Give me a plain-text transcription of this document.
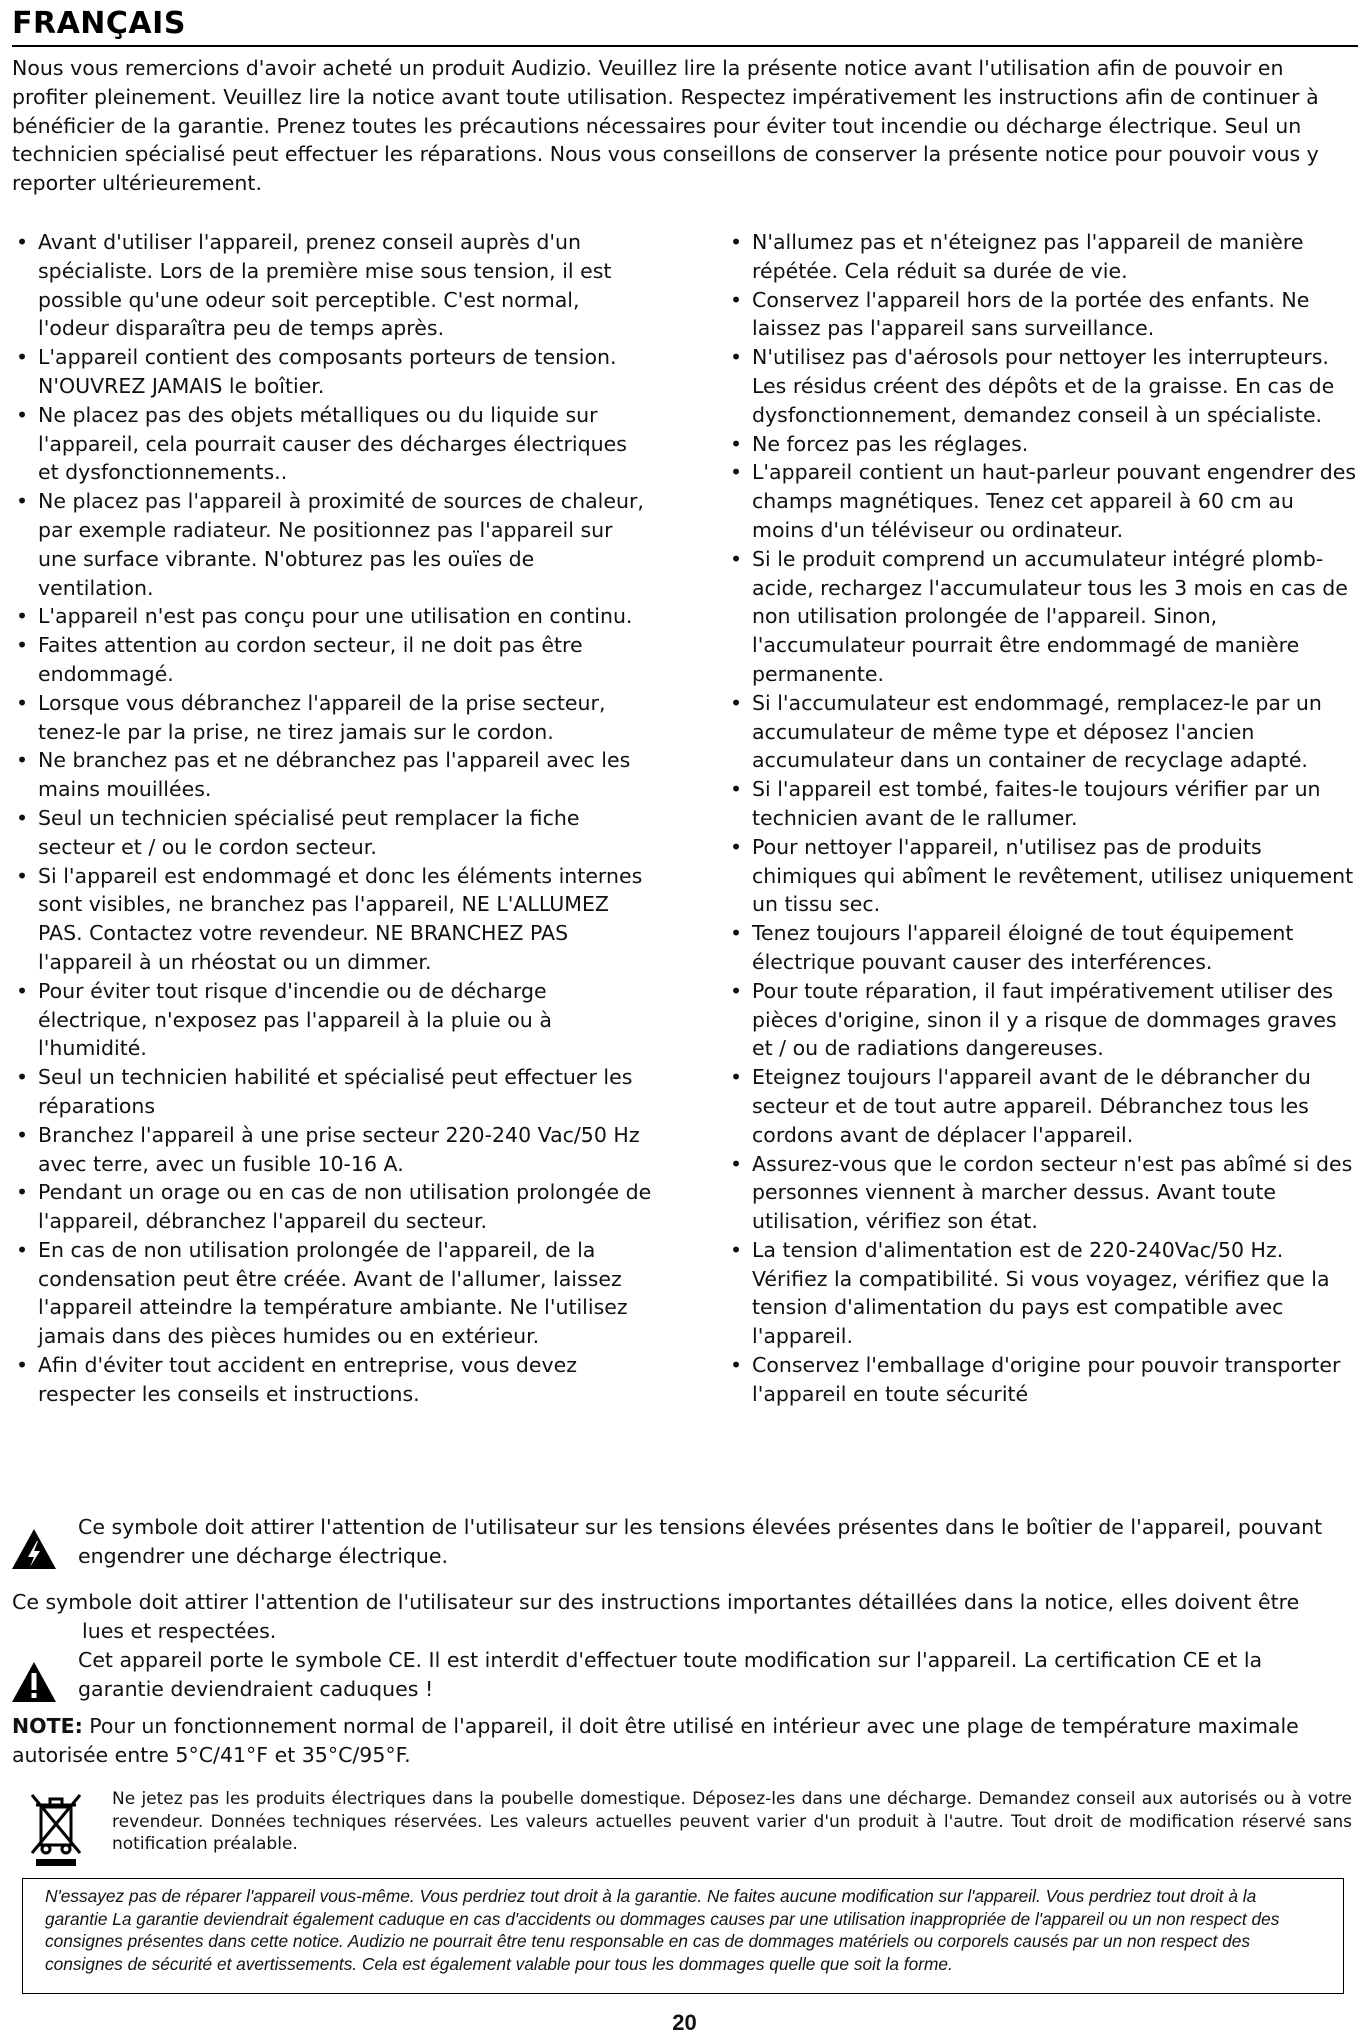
FRANÇAIS
Nous vous remercions d'avoir acheté un produit Audizio. Veuillez lire la présente notice avant l'utilisation afin de pouvoir en profiter pleinement. Veuillez lire la notice avant toute utilisation. Respectez impérativement les instructions afin de continuer à bénéficier de la garantie. Prenez toutes les précautions nécessaires pour éviter tout incendie ou décharge électrique. Seul un technicien spécialisé peut effectuer les réparations. Nous vous conseillons de conserver la présente notice pour pouvoir vous y reporter ultérieurement.
• Avant d'utiliser l'appareil, prenez conseil auprès d'un spécialiste. Lors de la première mise sous tension, il est possible qu'une odeur soit perceptible. C'est normal, l'odeur disparaîtra peu de temps après.
• L'appareil contient des composants porteurs de tension. N'OUVREZ JAMAIS le boîtier.
• Ne placez pas des objets métalliques ou du liquide sur l'appareil, cela pourrait causer des décharges électriques et dysfonctionnements..
• Ne placez pas l'appareil à proximité de sources de chaleur, par exemple radiateur. Ne positionnez pas l'appareil sur une surface vibrante. N'obturez pas les ouïes de ventilation.
• L'appareil n'est pas conçu pour une utilisation en continu.
• Faites attention au cordon secteur, il ne doit pas être endommagé.
• Lorsque vous débranchez l'appareil de la prise secteur, tenez-le par la prise, ne tirez jamais sur le cordon.
• Ne branchez pas et ne débranchez pas l'appareil avec les mains mouillées.
• Seul un technicien spécialisé peut remplacer la fiche secteur et / ou le cordon secteur.
• Si l'appareil est endommagé et donc les éléments internes sont visibles, ne branchez pas l'appareil, NE L'ALLUMEZ PAS. Contactez votre revendeur. NE BRANCHEZ PAS l'appareil à un rhéostat ou un dimmer.
• Pour éviter tout risque d'incendie ou de décharge électrique, n'exposez pas l'appareil à la pluie ou à l'humidité.
• Seul un technicien habilité et spécialisé peut effectuer les réparations
• Branchez l'appareil à une prise secteur 220-240 Vac/50 Hz avec terre, avec un fusible 10-16 A.
• Pendant un orage ou en cas de non utilisation prolongée de l'appareil, débranchez l'appareil du secteur.
• En cas de non utilisation prolongée de l'appareil, de la condensation peut être créée. Avant de l'allumer, laissez l'appareil atteindre la température ambiante. Ne l'utilisez jamais dans des pièces humides ou en extérieur.
• Afin d'éviter tout accident en entreprise, vous devez respecter les conseils et instructions.
• N'allumez pas et n'éteignez pas l'appareil de manière répétée. Cela réduit sa durée de vie.
• Conservez l'appareil hors de la portée des enfants. Ne laissez pas l'appareil sans surveillance.
• N'utilisez pas d'aérosols pour nettoyer les interrupteurs. Les résidus créent des dépôts et de la graisse. En cas de dysfonctionnement, demandez conseil à un spécialiste.
• Ne forcez pas les réglages.
• L'appareil contient un haut-parleur pouvant engendrer des champs magnétiques. Tenez cet appareil à 60 cm au moins d'un téléviseur ou ordinateur.
• Si le produit comprend un accumulateur intégré plomb-acide, rechargez l'accumulateur tous les 3 mois en cas de non utilisation prolongée de l'appareil. Sinon, l'accumulateur pourrait être endommagé de manière permanente.
• Si l'accumulateur est endommagé, remplacez-le par un accumulateur de même type et déposez l'ancien accumulateur dans un container de recyclage adapté.
• Si l'appareil est tombé, faites-le toujours vérifier par un technicien avant de le rallumer.
• Pour nettoyer l'appareil, n'utilisez pas de produits chimiques qui abîment le revêtement, utilisez uniquement un tissu sec.
• Tenez toujours l'appareil éloigné de tout équipement électrique pouvant causer des interférences.
• Pour toute réparation, il faut impérativement utiliser des pièces d'origine, sinon il y a risque de dommages graves et / ou de radiations dangereuses.
• Eteignez toujours l'appareil avant de le débrancher du secteur et de tout autre appareil. Débranchez tous les cordons avant de déplacer l'appareil.
• Assurez-vous que le cordon secteur n'est pas abîmé si des personnes viennent à marcher dessus. Avant toute utilisation, vérifiez son état.
• La tension d'alimentation est de 220-240Vac/50 Hz. Vérifiez la compatibilité. Si vous voyagez, vérifiez que la tension d'alimentation du pays est compatible avec l'appareil.
• Conservez l'emballage d'origine pour pouvoir transporter l'appareil en toute sécurité
Ce symbole doit attirer l'attention de l'utilisateur sur les tensions élevées présentes dans le boîtier de l'appareil, pouvant engendrer une décharge électrique.
Ce symbole doit attirer l'attention de l'utilisateur sur des instructions importantes détaillées dans la notice, elles doivent être
lues et respectées.
Cet appareil porte le symbole CE. Il est interdit d'effectuer toute modification sur l'appareil. La certification CE et la garantie deviendraient caduques !
NOTE: Pour un fonctionnement normal de l'appareil, il doit être utilisé en intérieur avec une plage de température maximale autorisée entre 5°C/41°F et 35°C/95°F.
Ne jetez pas les produits électriques dans la poubelle domestique. Déposez-les dans une décharge. Demandez conseil aux autorisés ou à votre revendeur. Données techniques réservées. Les valeurs actuelles peuvent varier d'un produit à l'autre. Tout droit de modification réservé sans notification préalable.

N'essayez pas de réparer l'appareil vous-même. Vous perdriez tout droit à la garantie. Ne faites aucune modification sur l'appareil. Vous perdriez tout droit à la garantie La garantie deviendrait également caduque en cas d'accidents ou dommages causes par une utilisation inappropriée de l'appareil ou un non respect des consignes présentes dans cette notice. Audizio ne pourrait être tenu responsable en cas de dommages matériels ou corporels causés par un non respect des consignes de sécurité et avertissements. Cela est également valable pour tous les dommages quelle que soit la forme.

20
